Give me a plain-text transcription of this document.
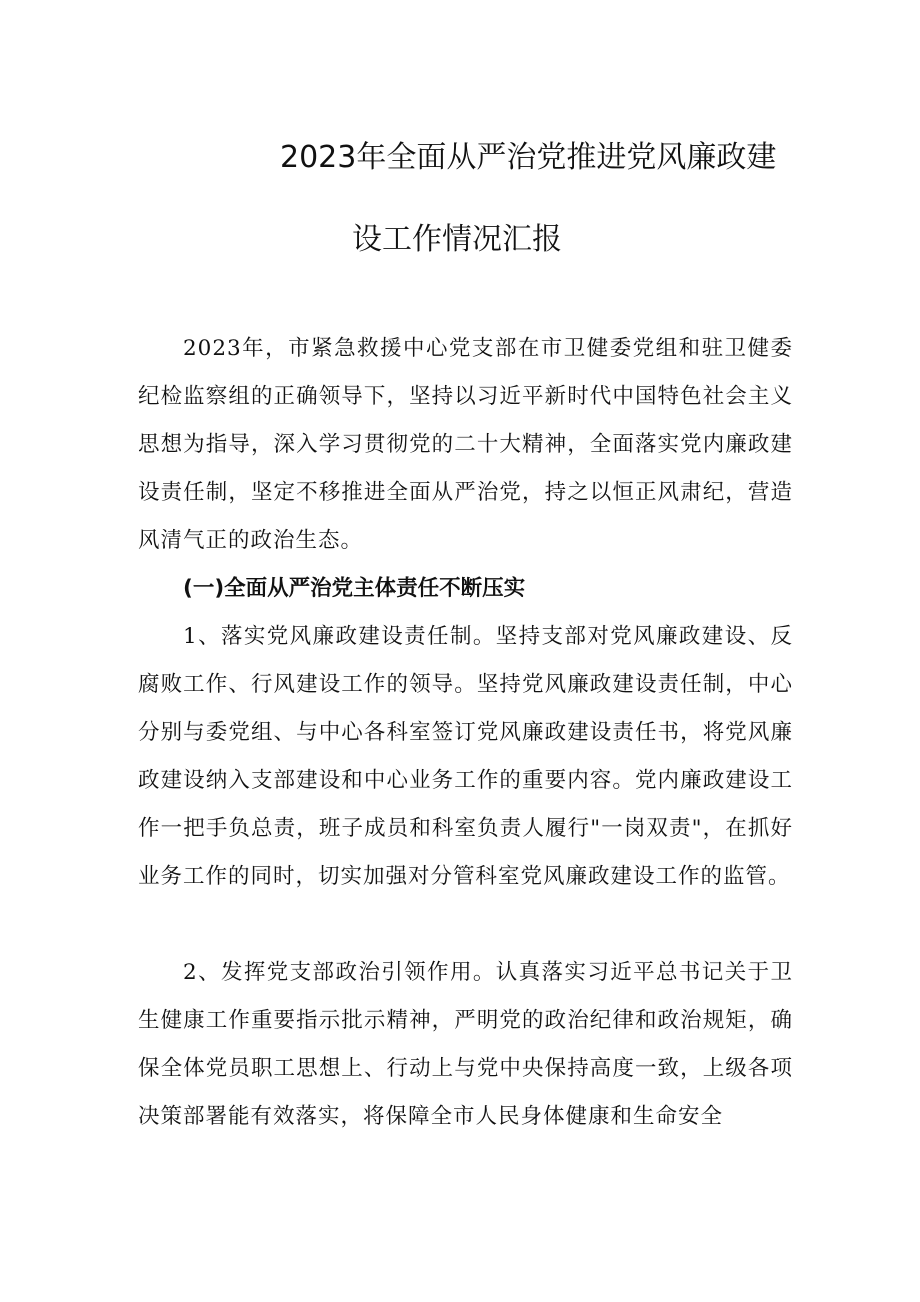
2023年全面从严治党推进党风廉政建
设工作情况汇报

2023年，市紧急救援中心党支部在市卫健委党组和驻卫健委纪检监察组的正确领导下，坚持以习近平新时代中国特色社会主义思想为指导，深入学习贯彻党的二十大精神，全面落实党内廉政建设责任制，坚定不移推进全面从严治党，持之以恒正风肃纪，营造风清气正的政治生态。

(一)全面从严治党主体责任不断压实

1、落实党风廉政建设责任制。坚持支部对党风廉政建设、反腐败工作、行风建设工作的领导。坚持党风廉政建设责任制，中心分别与委党组、与中心各科室签订党风廉政建设责任书，将党风廉政建设纳入支部建设和中心业务工作的重要内容。党内廉政建设工作一把手负总责，班子成员和科室负责人履行"一岗双责"，在抓好业务工作的同时，切实加强对分管科室党风廉政建设工作的监管。

2、发挥党支部政治引领作用。认真落实习近平总书记关于卫生健康工作重要指示批示精神，严明党的政治纪律和政治规矩，确保全体党员职工思想上、行动上与党中央保持高度一致，上级各项决策部署能有效落实，将保障全市人民身体健康和生命安全
